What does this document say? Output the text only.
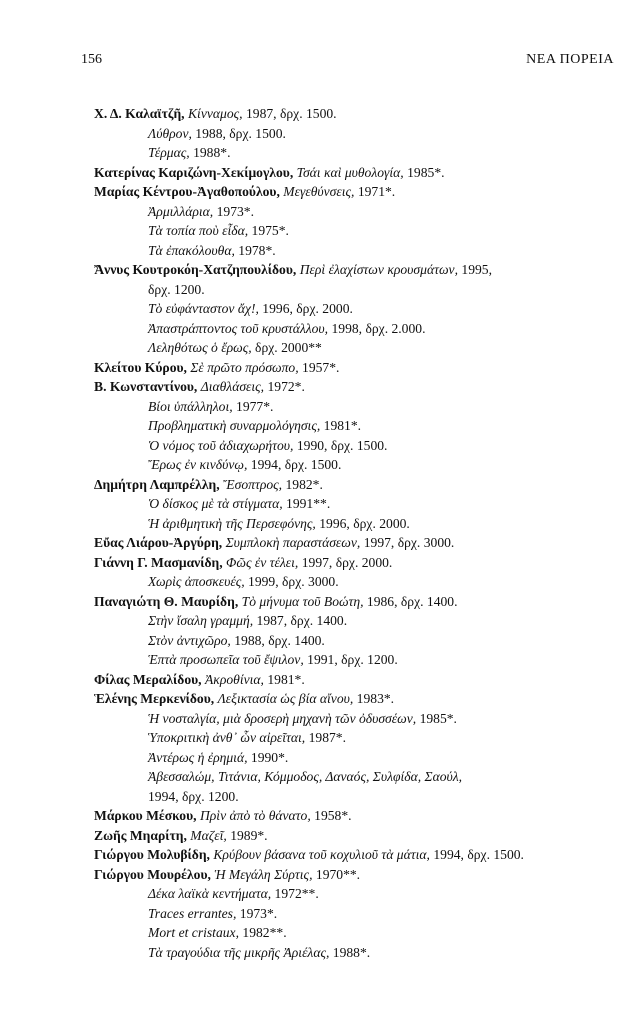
156	ΝΕΑ ΠΟΡΕΙΑ
Χ. Δ. Καλαϊτζῆ, Κίνναμος, 1987, δρχ. 1500.
Λύθρον, 1988, δρχ. 1500.
Τέρμας, 1988*.
Κατερίνας Καριζώνη-Χεκίμογλου, Τσάι καὶ μυθολογία, 1985*.
Μαρίας Κέντρου-Ἀγαθοπούλου, Μεγεθύνσεις, 1971*.
Ἀρμιλλάρια, 1973*.
Τὰ τοπία ποὺ εἶδα, 1975*.
Τὰ ἐπακόλουθα, 1978*.
Ἄννυς Κουτροκόη-Χατζηπουλίδου, Περὶ ἐλαχίστων κρουσμάτων, 1995,
δρχ. 1200.
Τὸ εὐφάνταστον ἄχ!, 1996, δρχ. 2000.
Ἀπαστράπτοντος τοῦ κρυστάλλου, 1998, δρχ. 2.000.
Λεληθότως ὁ ἔρως, δρχ. 2000**
Κλείτου Κύρου, Σὲ πρῶτο πρόσωπο, 1957*.
Β. Κωνσταντίνου, Διαθλάσεις, 1972*.
Βίοι ὑπάλληλοι, 1977*.
Προβληματικὴ συναρμολόγησις, 1981*.
Ὁ νόμος τοῦ ἀδιαχωρήτου, 1990, δρχ. 1500.
Ἔρως ἐν κινδύνῳ, 1994, δρχ. 1500.
Δημήτρη Λαμπρέλλη, Ἔσοπτρος, 1982*.
Ὁ δίσκος μὲ τὰ στίγματα, 1991**.
Ἡ ἀριθμητικὴ τῆς Περσεφόνης, 1996, δρχ. 2000.
Εὔας Λιάρου-Ἀργύρη, Συμπλοκὴ παραστάσεων, 1997, δρχ. 3000.
Γιάννη Γ. Μασμανίδη, Φῶς ἐν τέλει, 1997, δρχ. 2000.
Χωρὶς ἀποσκευές, 1999, δρχ. 3000.
Παναγιώτη Θ. Μαυρίδη, Τὸ μήνυμα τοῦ Βοώτη, 1986, δρχ. 1400.
Στὴν ἴσαλη γραμμή, 1987, δρχ. 1400.
Στὸν ἀντιχῶρο, 1988, δρχ. 1400.
Ἑπτὰ προσωπεῖα τοῦ ἔψιλον, 1991, δρχ. 1200.
Φίλας Μεραλίδου, Ἀκροθίνια, 1981*.
Ἑλένης Μερκενίδου, Λεξικτασία ὡς βία αἴνου, 1983*.
Ἡ νοσταλγία, μιὰ δροσερὴ μηχανὴ τῶν ὀδυσσέων, 1985*.
Ὑποκριτικὴ ἀνθ᾽ ὧν αἰρεῖται, 1987*.
Ἀντέρως ἡ ἐρημιά, 1990*.
Ἀβεσσαλώμ, Τιτάνια, Κόμμοδος, Δαναός, Συλφίδα, Σαούλ,
1994, δρχ. 1200.
Μάρκου Μέσκου, Πρὶν ἀπὸ τὸ θάνατο, 1958*.
Ζωῆς Μηαρίτη, Μαζεῖ, 1989*.
Γιώργου Μολυβίδη, Κρύβουν βάσανα τοῦ κοχυλιοῦ τὰ μάτια, 1994, δρχ. 1500.
Γιώργου Μουρέλου, Ἡ Μεγάλη Σύρτις, 1970**.
Δέκα λαϊκὰ κεντήματα, 1972**.
Traces errantes, 1973*.
Mort et cristaux, 1982**.
Τὰ τραγούδια τῆς μικρῆς Ἀριέλας, 1988*.
